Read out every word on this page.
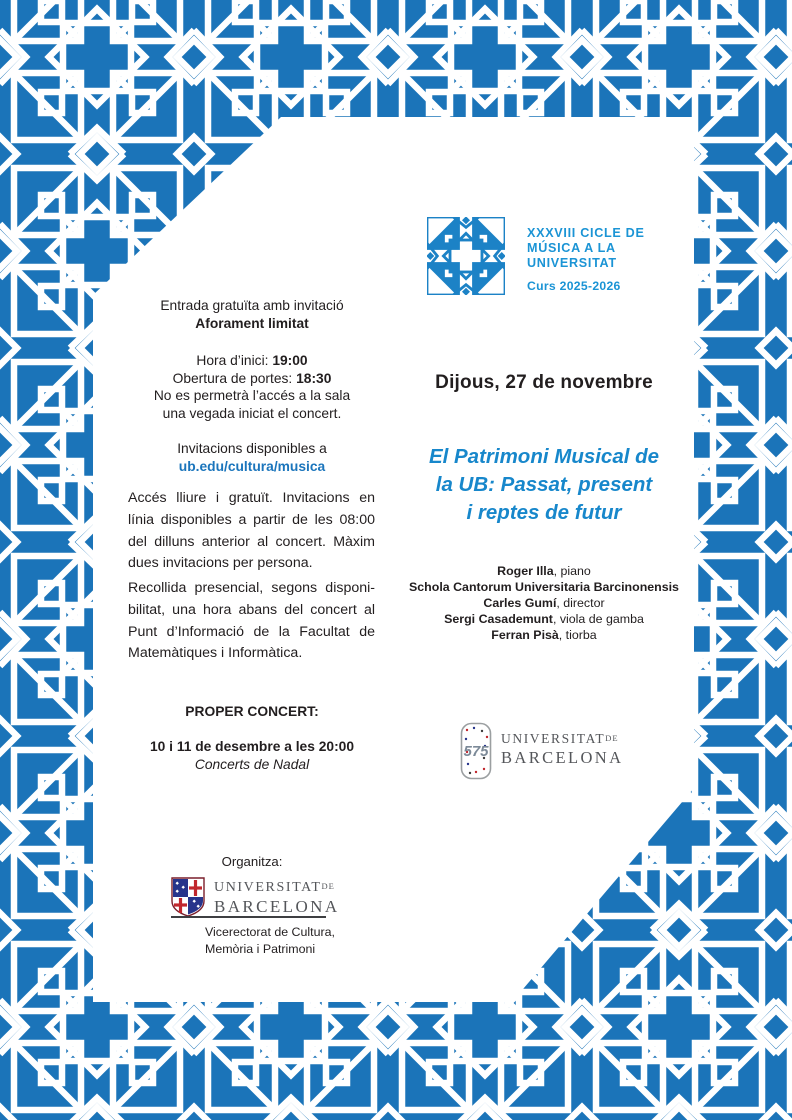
XXXVIII CICLE DE
MÚSICA A LA
UNIVERSITAT
Curs 2025-2026
Entrada gratuïta amb invitació
Aforament limitat
Hora d’inici: 19:00
Obertura de portes: 18:30
No es permetrà l’accés a la sala
una vegada iniciat el concert.
Invitacions disponibles a
ub.edu/cultura/musica
Accés lliure i gratuït. Invitacions en
línia disponibles a partir de les 08:00
del dilluns anterior al concert. Màxim
dues invitacions per persona.
Recollida presencial, segons disponi-
bilitat, una hora abans del concert al
Punt d’Informació de la Facultat de
Matemàtiques i Informàtica.
PROPER CONCERT:
10 i 11 de desembre a les 20:00
Concerts de Nadal
Dijous, 27 de novembre
El Patrimoni Musical de
la UB: Passat, present
i reptes de futur
Roger Illa, piano
Schola Cantorum Universitaria Barcinonensis
Carles Gumí, director
Sergi Casademunt, viola de gamba
Ferran Pisà, tiorba
575
UNIVERSITATDE
BARCELONA
Organitza:
UNIVERSITATDE
BARCELONA
Vicerectorat de Cultura,
Memòria i Patrimoni
